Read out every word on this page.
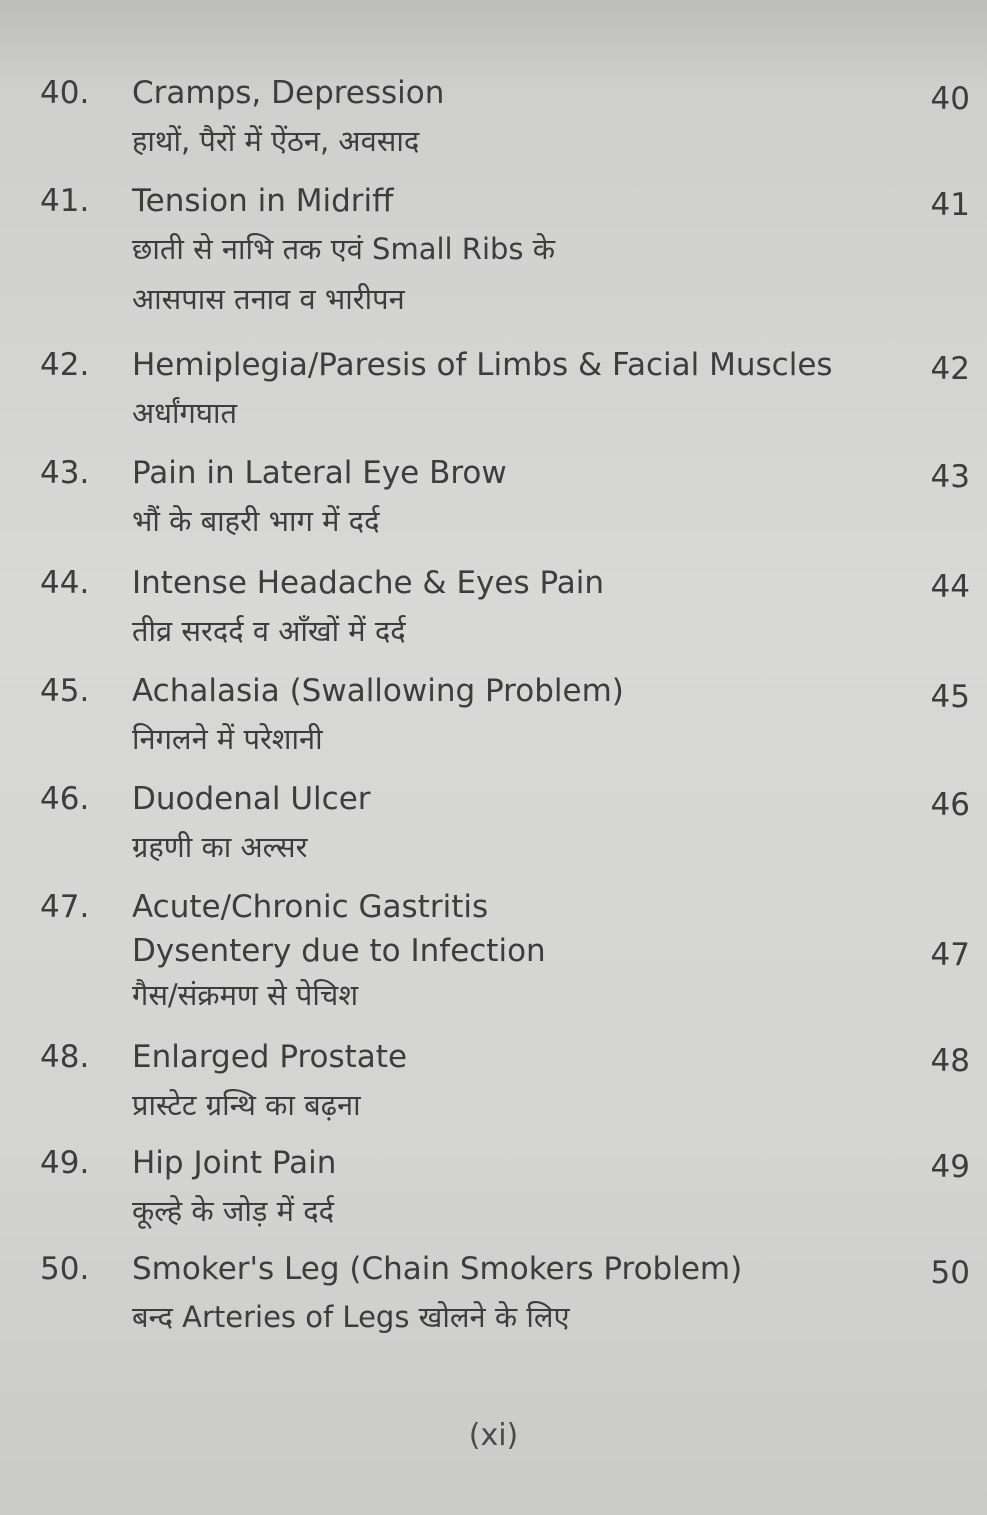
40.	40
Cramps, Depression
हाथों, पैरों में ऐंठन, अवसाद
41.	41
Tension in Midriff
छाती से नाभि तक एवं Small Ribs के
आसपास तनाव व भारीपन
42.	42
Hemiplegia/Paresis of Limbs & Facial Muscles
अर्धांगघात
43.	43
Pain in Lateral Eye Brow
भौं के बाहरी भाग में दर्द
44.	44
Intense Headache & Eyes Pain
तीव्र सरदर्द व आँखों में दर्द
45.	45
Achalasia (Swallowing Problem)
निगलने में परेशानी
46.	46
Duodenal Ulcer
ग्रहणी का अल्सर
47.
47
Acute/Chronic Gastritis
Dysentery due to Infection
गैस/संक्रमण से पेचिश
48.	48
Enlarged Prostate
प्रास्टेट ग्रन्थि का बढ़ना
49.	49
Hip Joint Pain
कूल्हे के जोड़ में दर्द
50.	50
Smoker's Leg (Chain Smokers Problem)
बन्द Arteries of Legs खोलने के लिए
(xi)
